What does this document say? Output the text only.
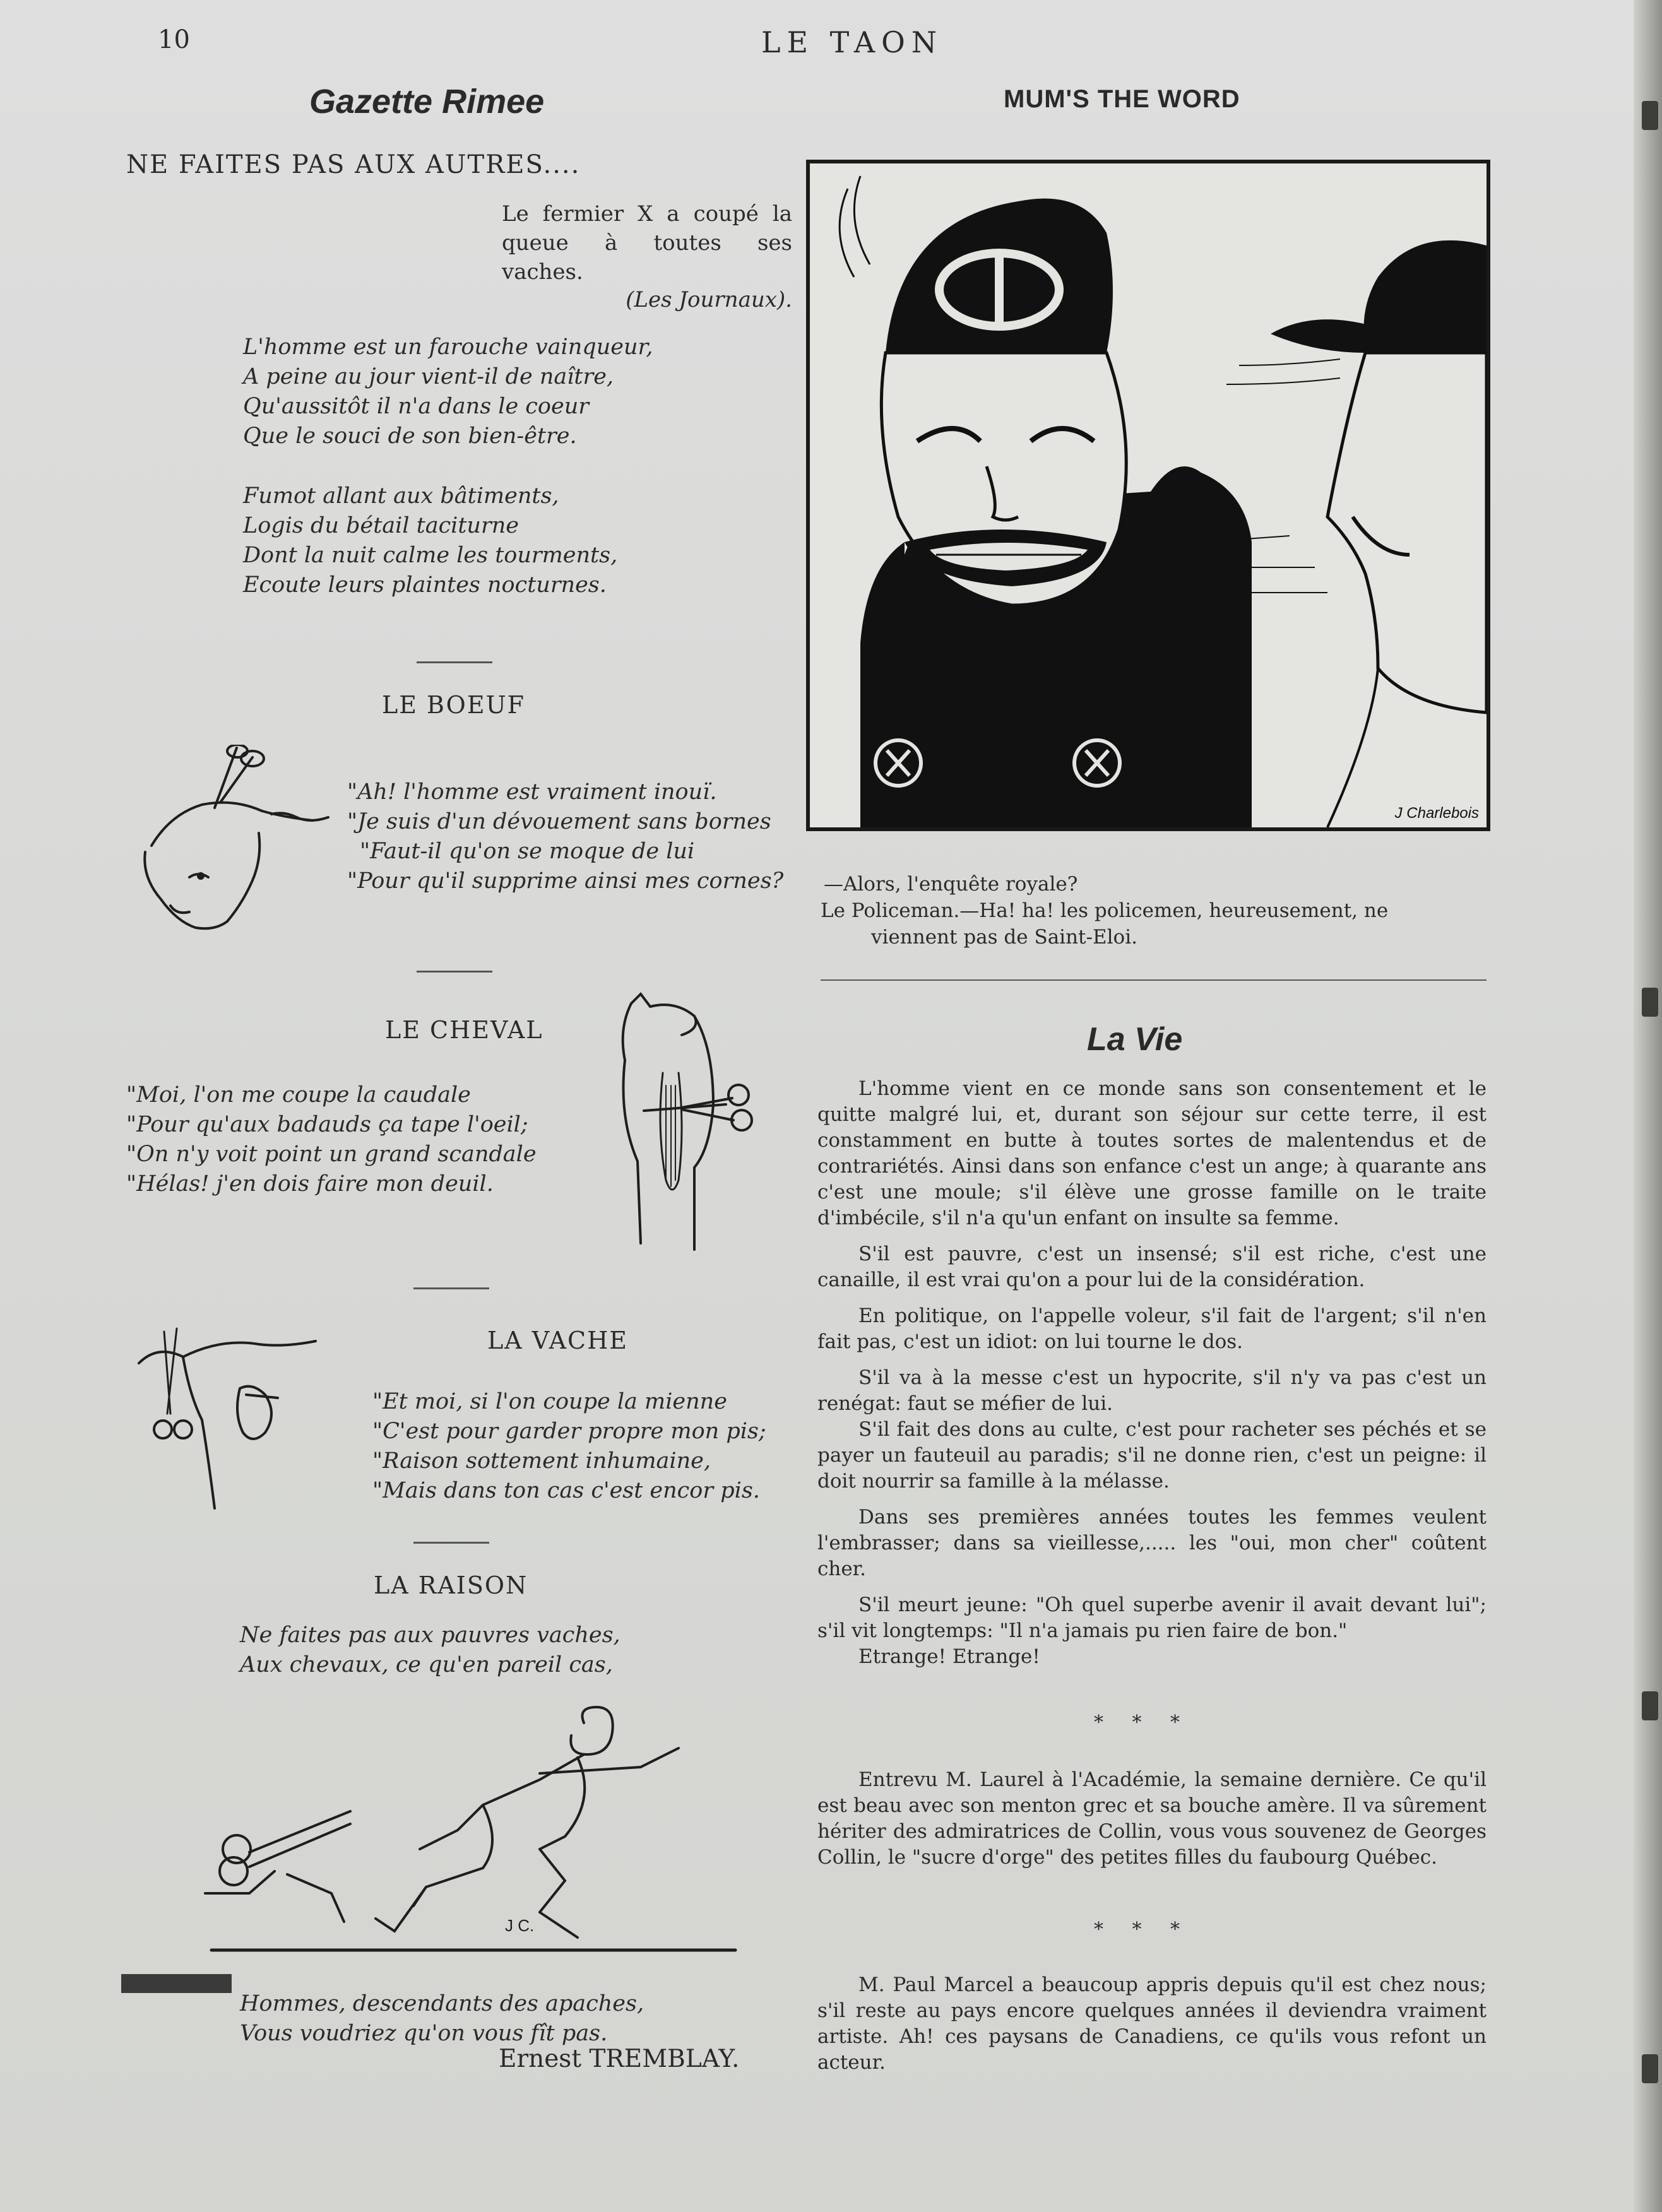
10	LE TAON
Gazette Rimee
NE FAITES PAS AUX AUTRES....
Le fermier X a coupé la queue à toutes ses vaches.
(Les Journaux).
L'homme est un farouche vainqueur,
A peine au jour vient-il de naître,
Qu'aussitôt il n'a dans le coeur
Que le souci de son bien-être.
Fumot allant aux bâtiments,
Logis du bétail taciturne
Dont la nuit calme les tourments,
Ecoute leurs plaintes nocturnes.
LE BOEUF
"Ah! l'homme est vraiment inouï.
"Je suis d'un dévouement sans bornes
"Faut-il qu'on se moque de lui
"Pour qu'il supprime ainsi mes cornes?
LE CHEVAL
"Moi, l'on me coupe la caudale
"Pour qu'aux badauds ça tape l'oeil;
"On n'y voit point un grand scandale
"Hélas! j'en dois faire mon deuil.
LA VACHE
"Et moi, si l'on coupe la mienne
"C'est pour garder propre mon pis;
"Raison sottement inhumaine,
"Mais dans ton cas c'est encor pis.
LA RAISON
Ne faites pas aux pauvres vaches,
Aux chevaux, ce qu'en pareil cas,
J C.
Hommes, descendants des apaches,
Vous voudriez qu'on vous fît pas.
Ernest TREMBLAY.
MUM'S THE WORD
J Charlebois
—Alors, l'enquête royale?
Le Policeman.—Ha! ha! les policemen, heureusement, ne
viennent pas de Saint-Eloi.
La Vie

L'homme vient en ce monde sans son consentement et le quitte malgré lui, et, durant son séjour sur cette terre, il est constamment en butte à toutes sortes de malentendus et de contrariétés. Ainsi dans son enfance c'est un ange; à quarante ans c'est une moule; s'il élève une grosse famille on le traite d'imbécile, s'il n'a qu'un enfant on insulte sa femme.

S'il est pauvre, c'est un insensé; s'il est riche, c'est une canaille, il est vrai qu'on a pour lui de la considération.

En politique, on l'appelle voleur, s'il fait de l'argent; s'il n'en fait pas, c'est un idiot: on lui tourne le dos.

S'il va à la messe c'est un hypocrite, s'il n'y va pas c'est un renégat: faut se méfier de lui.

S'il fait des dons au culte, c'est pour racheter ses péchés et se payer un fauteuil au paradis; s'il ne donne rien, c'est un peigne: il doit nourrir sa famille à la mélasse.

Dans ses premières années toutes les femmes veulent l'embrasser; dans sa vieillesse,..... les "oui, mon cher" coûtent cher.

S'il meurt jeune: "Oh quel superbe avenir il avait devant lui"; s'il vit longtemps: "Il n'a jamais pu rien faire de bon."

Etrange! Etrange!

* * *

Entrevu M. Laurel à l'Académie, la semaine dernière. Ce qu'il est beau avec son menton grec et sa bouche amère. Il va sûrement hériter des admiratrices de Collin, vous vous souvenez de Georges Collin, le "sucre d'orge" des petites filles du faubourg Québec.

* * *

M. Paul Marcel a beaucoup appris depuis qu'il est chez nous; s'il reste au pays encore quelques années il deviendra vraiment artiste. Ah! ces paysans de Canadiens, ce qu'ils vous refont un acteur.
